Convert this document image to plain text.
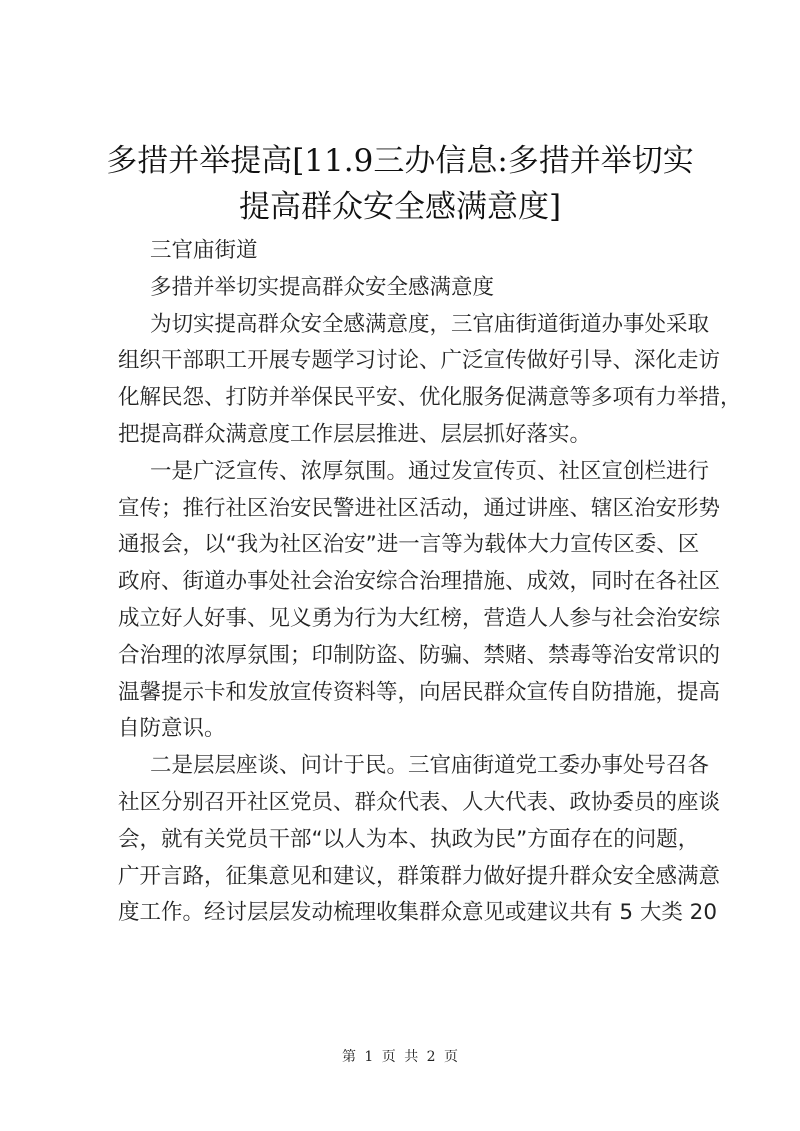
多措并举提高[11.9三办信息:多措并举切实
提高群众安全感满意度]
三官庙街道
多措并举切实提高群众安全感满意度
为切实提高群众安全感满意度，三官庙街道街道办事处采取
组织干部职工开展专题学习讨论、广泛宣传做好引导、深化走访
化解民怨、打防并举保民平安、优化服务促满意等多项有力举措，
把提高群众满意度工作层层推进、层层抓好落实。
一是广泛宣传、浓厚氛围。通过发宣传页、社区宣创栏进行
宣传；推行社区治安民警进社区活动，通过讲座、辖区治安形势
通报会，以“我为社区治安”进一言等为载体大力宣传区委、区
政府、街道办事处社会治安综合治理措施、成效，同时在各社区
成立好人好事、见义勇为行为大红榜，营造人人参与社会治安综
合治理的浓厚氛围；印制防盗、防骗、禁赌、禁毒等治安常识的
温馨提示卡和发放宣传资料等，向居民群众宣传自防措施，提高
自防意识。
二是层层座谈、问计于民。三官庙街道党工委办事处号召各
社区分别召开社区党员、群众代表、人大代表、政协委员的座谈
会，就有关党员干部“以人为本、执政为民”方面存在的问题，
广开言路，征集意见和建议，群策群力做好提升群众安全感满意
度工作。经讨层层发动梳理收集群众意见或建议共有 5 大类 20
第 1 页 共 2 页
